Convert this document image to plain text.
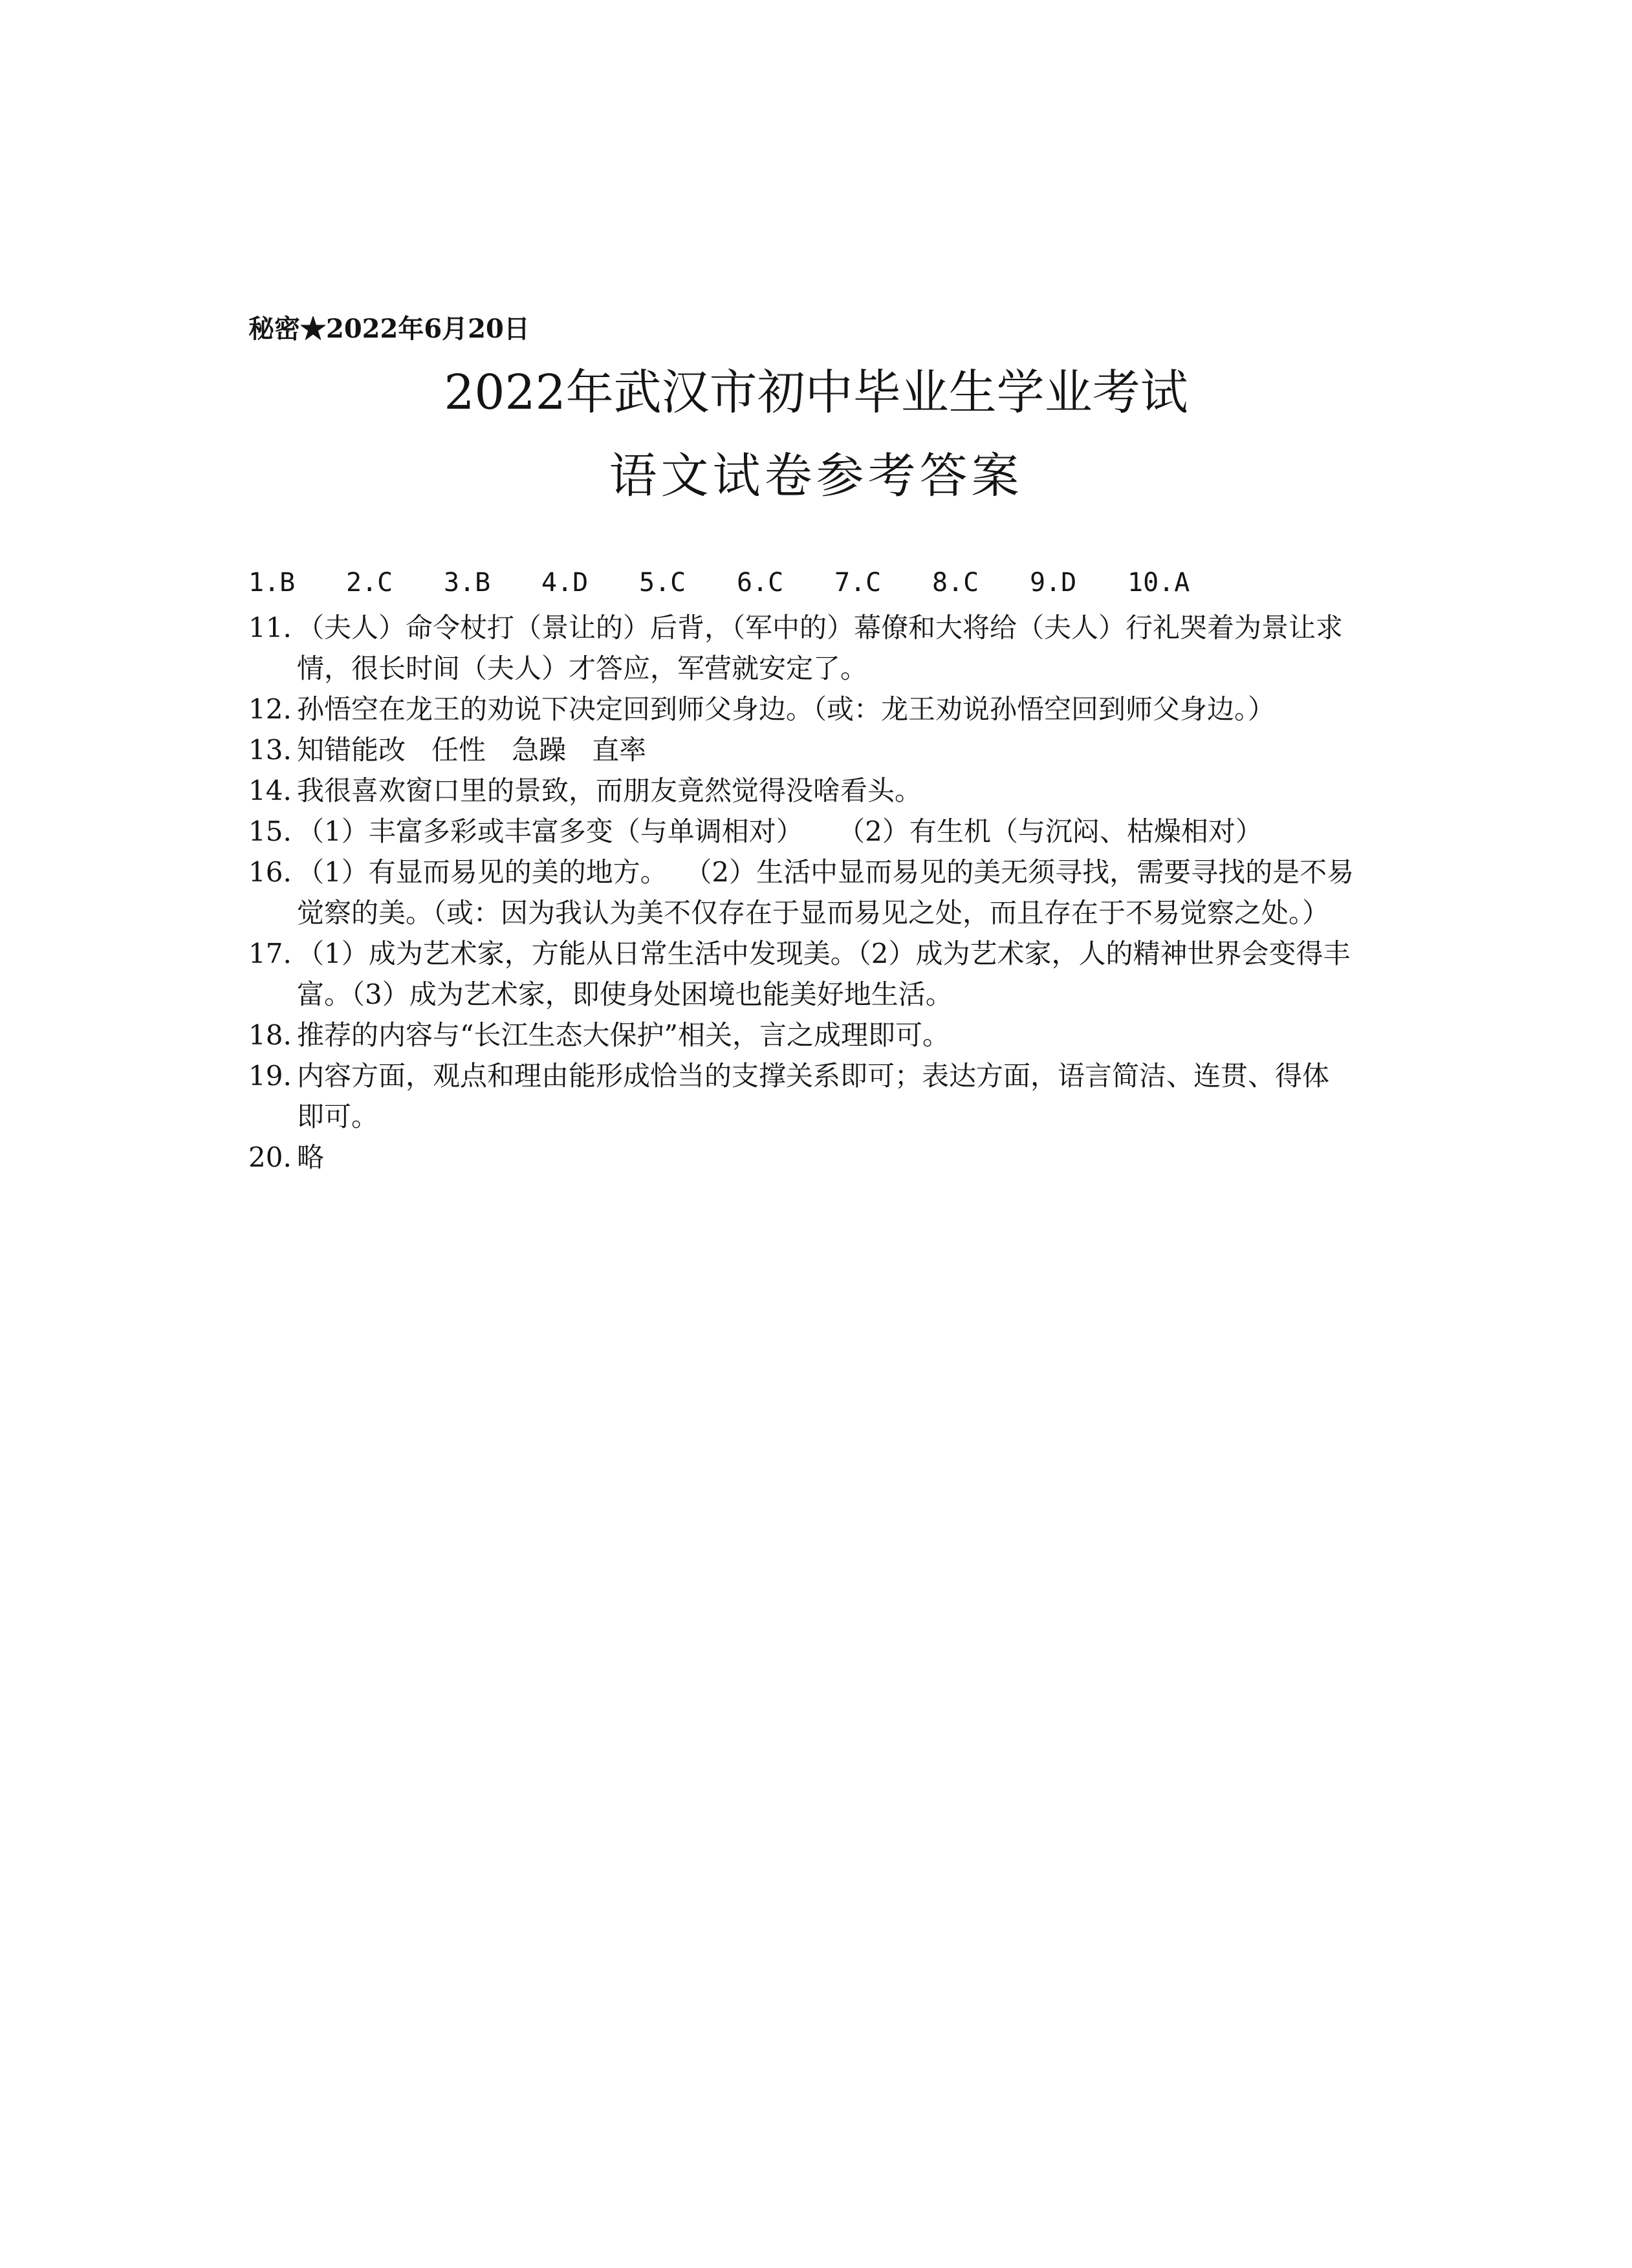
秘密★2022年6月20日
2022年武汉市初中毕业生学业考试
语文试卷参考答案
1.B	2.C	3.B	4.D	5.C	6.C	7.C	8.C	9.D	10.A
11. （夫人）命令杖打（景让的）后背，（军中的）幕僚和大将给（夫人）行礼哭着为景让求
情，很长时间（夫人）才答应，军营就安定了。
12. 孙悟空在龙王的劝说下决定回到师父身边。（或：龙王劝说孙悟空回到师父身边。）
13. 知错能改   任性   急躁   直率
14. 我很喜欢窗口里的景致，而朋友竟然觉得没啥看头。
15. （1）丰富多彩或丰富多变（与单调相对）    （2）有生机（与沉闷、枯燥相对）
16. （1）有显而易见的美的地方。  （2）生活中显而易见的美无须寻找，需要寻找的是不易
觉察的美。（或：因为我认为美不仅存在于显而易见之处，而且存在于不易觉察之处。）
17. （1）成为艺术家，方能从日常生活中发现美。（2）成为艺术家，人的精神世界会变得丰
富。（3）成为艺术家，即使身处困境也能美好地生活。
18. 推荐的内容与“长江生态大保护”相关，言之成理即可。
19. 内容方面，观点和理由能形成恰当的支撑关系即可；表达方面，语言简洁、连贯、得体
即可。
20. 略
